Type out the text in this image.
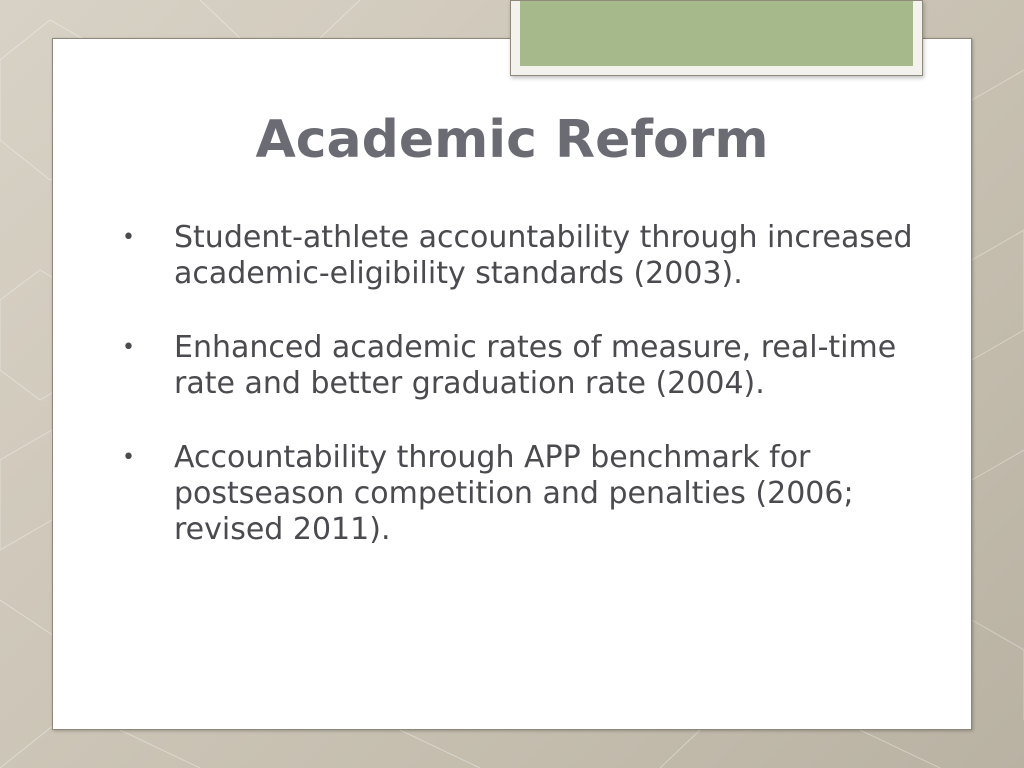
Academic Reform
• Student-athlete accountability through increased academic-eligibility standards (2003).
• Enhanced academic rates of measure, real-time rate and better graduation rate (2004).
• Accountability through APP benchmark for postseason competition and penalties (2006; revised 2011).
